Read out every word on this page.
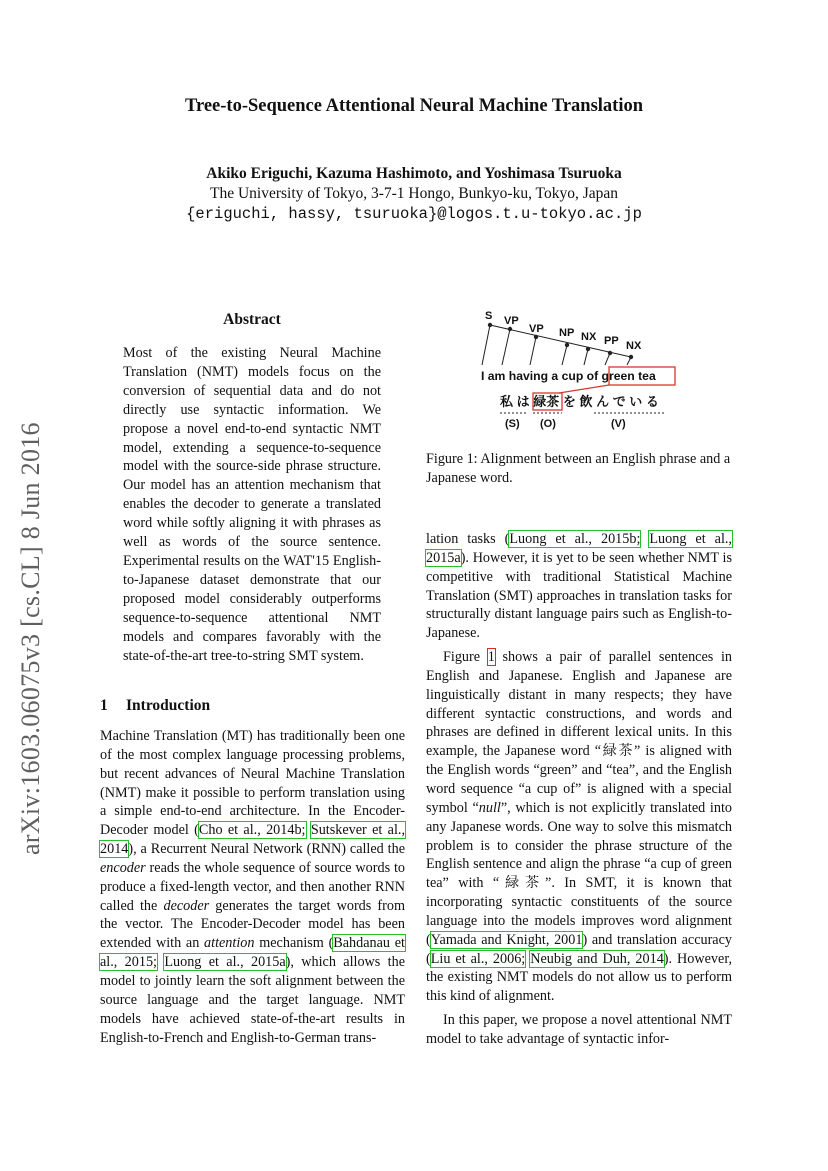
Tree-to-Sequence Attentional Neural Machine Translation
Akiko Eriguchi, Kazuma Hashimoto, and Yoshimasa Tsuruoka
The University of Tokyo, 3-7-1 Hongo, Bunkyo-ku, Tokyo, Japan
{eriguchi, hassy, tsuruoka}@logos.t.u-tokyo.ac.jp
arXiv:1603.06075v3 [cs.CL] 8 Jun 2016
Abstract
Most of the existing Neural Machine Translation (NMT) models focus on the conversion of sequential data and do not directly use syntactic information. We propose a novel end-to-end syntactic NMT model, extending a sequence-to-sequence model with the source-side phrase structure. Our model has an attention mechanism that enables the decoder to generate a translated word while softly aligning it with phrases as well as words of the source sentence. Experimental results on the WAT'15 English-to-Japanese dataset demonstrate that our proposed model considerably outperforms sequence-to-sequence attentional NMT models and compares favorably with the state-of-the-art tree-to-string SMT system.
1 Introduction

Machine Translation (MT) has traditionally been one of the most complex language processing problems, but recent advances of Neural Machine Translation (NMT) make it possible to perform translation using a simple end-to-end architecture. In the Encoder-Decoder model (Cho et al., 2014b; Sutskever et al., 2014), a Recurrent Neural Network (RNN) called the encoder reads the whole sequence of source words to produce a fixed-length vector, and then another RNN called the decoder generates the target words from the vector. The Encoder-Decoder model has been extended with an attention mechanism (Bahdanau et al., 2015; Luong et al., 2015a), which allows the model to jointly learn the soft alignment between the source language and the target language. NMT models have achieved state-of-the-art results in English-to-French and English-to-German trans-

S VP
VP NP NX PP NX
I am having a cup of green tea
私 は 緑茶 を 飲 ん で い る
(S) (O)	(V)
Figure 1: Alignment between an English phrase and a Japanese word.

lation tasks (Luong et al., 2015b; Luong et al., 2015a). However, it is yet to be seen whether NMT is competitive with traditional Statistical Machine Translation (SMT) approaches in translation tasks for structurally distant language pairs such as English-to-Japanese.

Figure 1 shows a pair of parallel sentences in English and Japanese. English and Japanese are linguistically distant in many respects; they have different syntactic constructions, and words and phrases are defined in different lexical units. In this example, the Japanese word “緑茶” is aligned with the English words “green” and “tea”, and the English word sequence “a cup of” is aligned with a special symbol “null”, which is not explicitly translated into any Japanese words. One way to solve this mismatch problem is to consider the phrase structure of the English sentence and align the phrase “a cup of green tea” with “緑茶”. In SMT, it is known that incorporating syntactic constituents of the source language into the models improves word alignment (Yamada and Knight, 2001) and translation accuracy (Liu et al., 2006; Neubig and Duh, 2014). However, the existing NMT models do not allow us to perform this kind of alignment.

In this paper, we propose a novel attentional NMT model to take advantage of syntactic infor-
